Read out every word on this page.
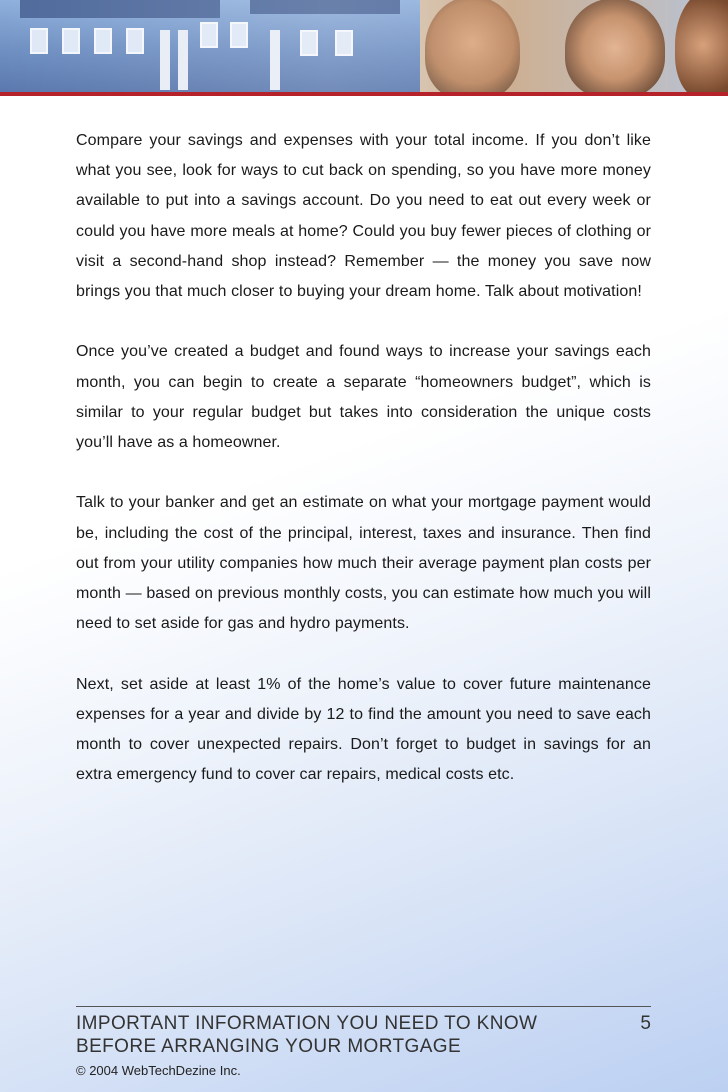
Compare your savings and expenses with your total income. If you don’t like what you see, look for ways to cut back on spending, so you have more money available to put into a savings account. Do you need to eat out every week or could you have more meals at home? Could you buy fewer pieces of clothing or visit a second-hand shop instead? Remember — the money you save now brings you that much closer to buying your dream home. Talk about motivation!

Once you’ve created a budget and found ways to increase your savings each month, you can begin to create a separate “homeowners budget”, which is similar to your regular budget but takes into consideration the unique costs you’ll have as a homeowner.

Talk to your banker and get an estimate on what your mortgage payment would be, including the cost of the principal, interest, taxes and insurance. Then find out from your utility companies how much their average payment plan costs per month — based on previous monthly costs, you can estimate how much you will need to set aside for gas and hydro payments.

Next, set aside at least 1% of the home’s value to cover future maintenance expenses for a year and divide by 12 to find the amount you need to save each month to cover unexpected repairs. Don’t forget to budget in savings for an extra emergency fund to cover car repairs, medical costs etc.

IMPORTANT INFORMATION YOU NEED TO KNOW
BEFORE ARRANGING YOUR MORTGAGE
5
© 2004 WebTechDezine Inc.
